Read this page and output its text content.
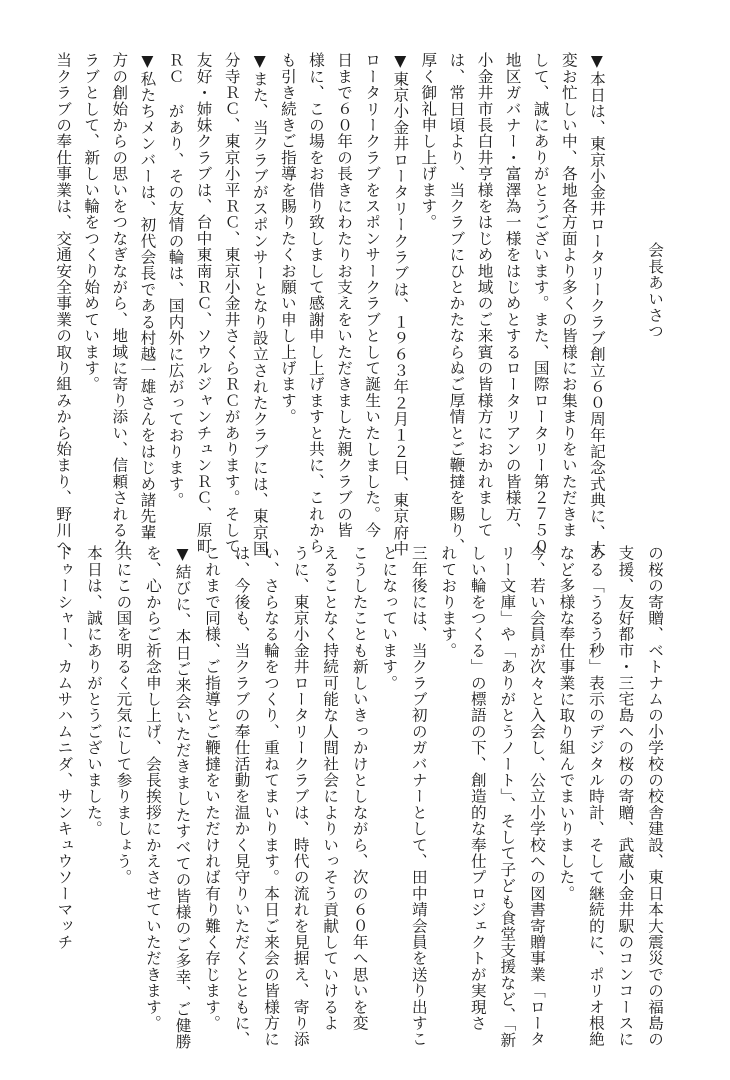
会長あいさつ
▼本日は、東京小金井ロータリークラブ創立６０周年記念式典に、大
変お忙しい中、各地各方面より多くの皆様にお集まりをいただきま
して、誠にありがとうございます。また、国際ロータリー第２７５０
地区ガバナー・富澤為一様をはじめとするロータリアンの皆様方、
小金井市長白井亨様をはじめ地域のご来賓の皆様方におかれまして
は、常日頃より、当クラブにひとかたならぬご厚情とご鞭撻を賜り、
厚く御礼申し上げます。
▼東京小金井ロータリークラブは、１９６３年２月１２日、東京府中
ロータリークラブをスポンサークラブとして誕生いたしました。今
日まで６０年の長きにわたりお支えをいただきました親クラブの皆
様に、この場をお借り致しまして感謝申し上げますと共に、これから
も引き続きご指導を賜りたくお願い申し上げます。
▼また、当クラブがスポンサーとなり設立されたクラブには、東京国
分寺ＲＣ、東京小平ＲＣ、東京小金井さくらＲＣがあります。そして、
友好・姉妹クラブは、台中東南ＲＣ、ソウルジャンチュンＲＣ、原町
ＲＣ があり、その友情の輪は、国内外に広がっております。
▼私たちメンバーは、初代会長である村越一雄さんをはじめ諸先輩
方の創始からの思いをつなぎながら、地域に寄り添い、信頼されるク
ラブとして、新しい輪をつくり始めています。
当クラブの奉仕事業は、交通安全事業の取り組みから始まり、野川へ
の桜の寄贈、ベトナムの小学校の校舎建設、東日本大震災での福島の
支援、友好都市・三宅島への桜の寄贈、武蔵小金井駅のコンコースに
ある「うるう秒」表示のデジタル時計、そして継続的に、ポリオ根絶
など多様な奉仕事業に取り組んでまいりました。
今、若い会員が次々と入会し、公立小学校への図書寄贈事業「ロータ
リー文庫」や「ありがとうノート」、そして子ども食堂支援など、「新
しい輪をつくる」の標語の下、創造的な奉仕プロジェクトが実現さ
れております。
三年後には、当クラブ初のガバナーとして、田中靖会員を送り出すこ
とになっています。
こうしたことも新しいきっかけとしながら、次の６０年へ思いを変
えることなく持続可能な人間社会によりいっそう貢献していけるよ
うに、東京小金井ロータリークラブは、時代の流れを見据え、寄り添
い、さらなる輪をつくり、重ねてまいります。本日ご来会の皆様方に
は、今後も、当クラブの奉仕活動を温かく見守りいただくとともに、
これまで同様、ご指導とご鞭撻をいただければ有り難く存じます。
▼結びに、本日ご来会いただきましたすべての皆様のご多幸、ご健勝
を、心からご祈念申し上げ、会長挨拶にかえさせていただきます。
共にこの国を明るく元気にして参りましょう。
本日は、誠にありがとうございました。
ドゥーシャー、カムサハムニダ、サンキュウソーマッチ
